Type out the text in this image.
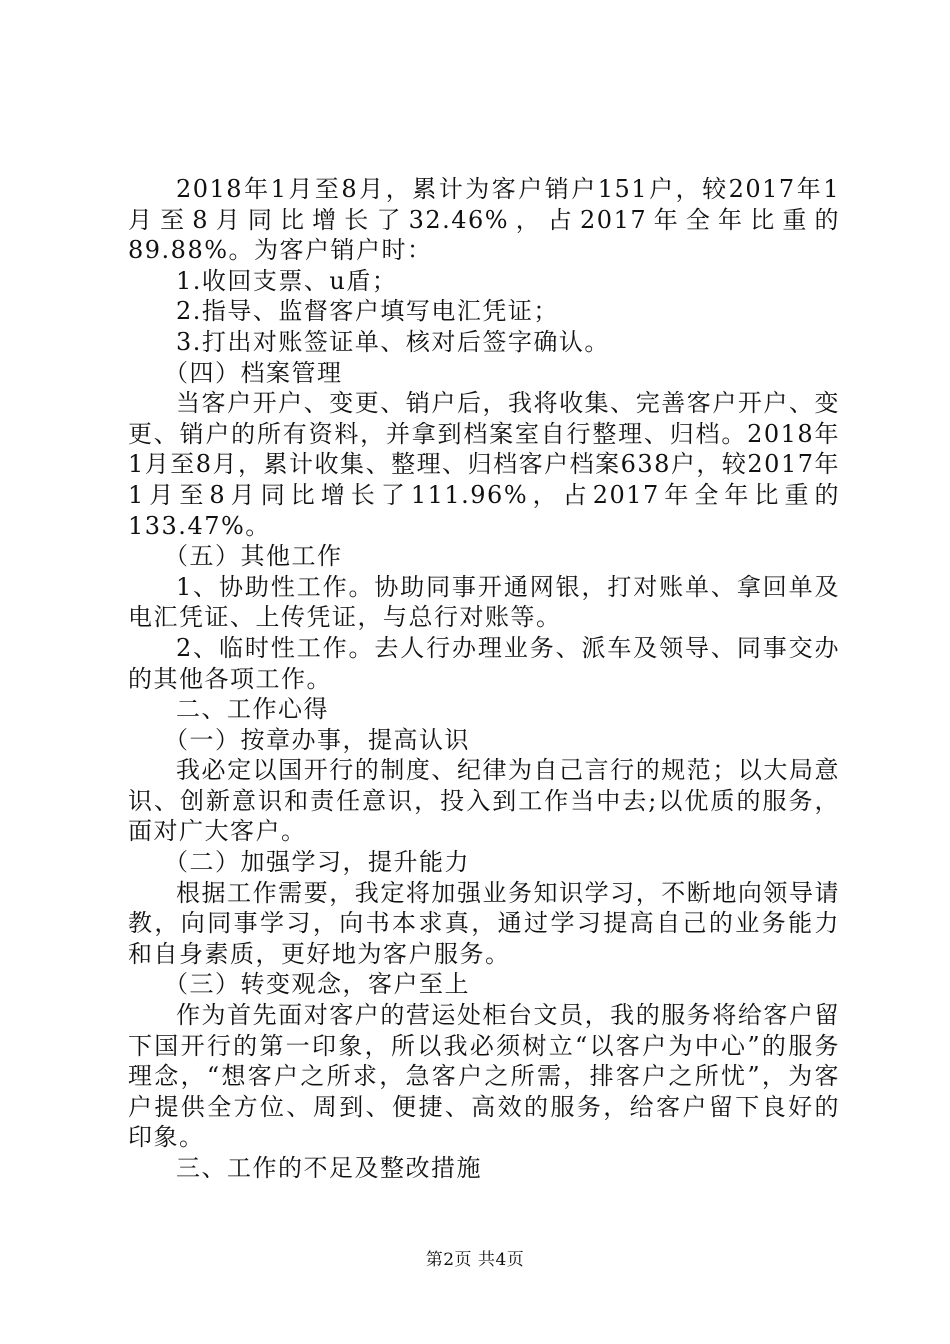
2018年1月至8月，累计为客户销户151户，较2017年1月至8月同比增长了32.46%，占2017年全年比重的89.88%。为客户销户时：

1.收回支票、u盾；

2.指导、监督客户填写电汇凭证；

3.打出对账签证单、核对后签字确认。

（四）档案管理

当客户开户、变更、销户后，我将收集、完善客户开户、变更、销户的所有资料，并拿到档案室自行整理、归档。2018年1月至8月，累计收集、整理、归档客户档案638户，较2017年1月至8月同比增长了111.96%，占2017年全年比重的133.47%。

（五）其他工作

1、协助性工作。协助同事开通网银，打对账单、拿回单及电汇凭证、上传凭证，与总行对账等。

2、临时性工作。去人行办理业务、派车及领导、同事交办的其他各项工作。

二、工作心得

（一）按章办事，提高认识

我必定以国开行的制度、纪律为自己言行的规范；以大局意识、创新意识和责任意识，投入到工作当中去;以优质的服务，面对广大客户。

（二）加强学习，提升能力

根据工作需要，我定将加强业务知识学习，不断地向领导请教，向同事学习，向书本求真，通过学习提高自己的业务能力和自身素质，更好地为客户服务。

（三）转变观念，客户至上

作为首先面对客户的营运处柜台文员，我的服务将给客户留下国开行的第一印象，所以我必须树立“以客户为中心”的服务理念，“想客户之所求，急客户之所需，排客户之所忧”，为客户提供全方位、周到、便捷、高效的服务，给客户留下良好的印象。

三、工作的不足及整改措施

第2页 共4页
